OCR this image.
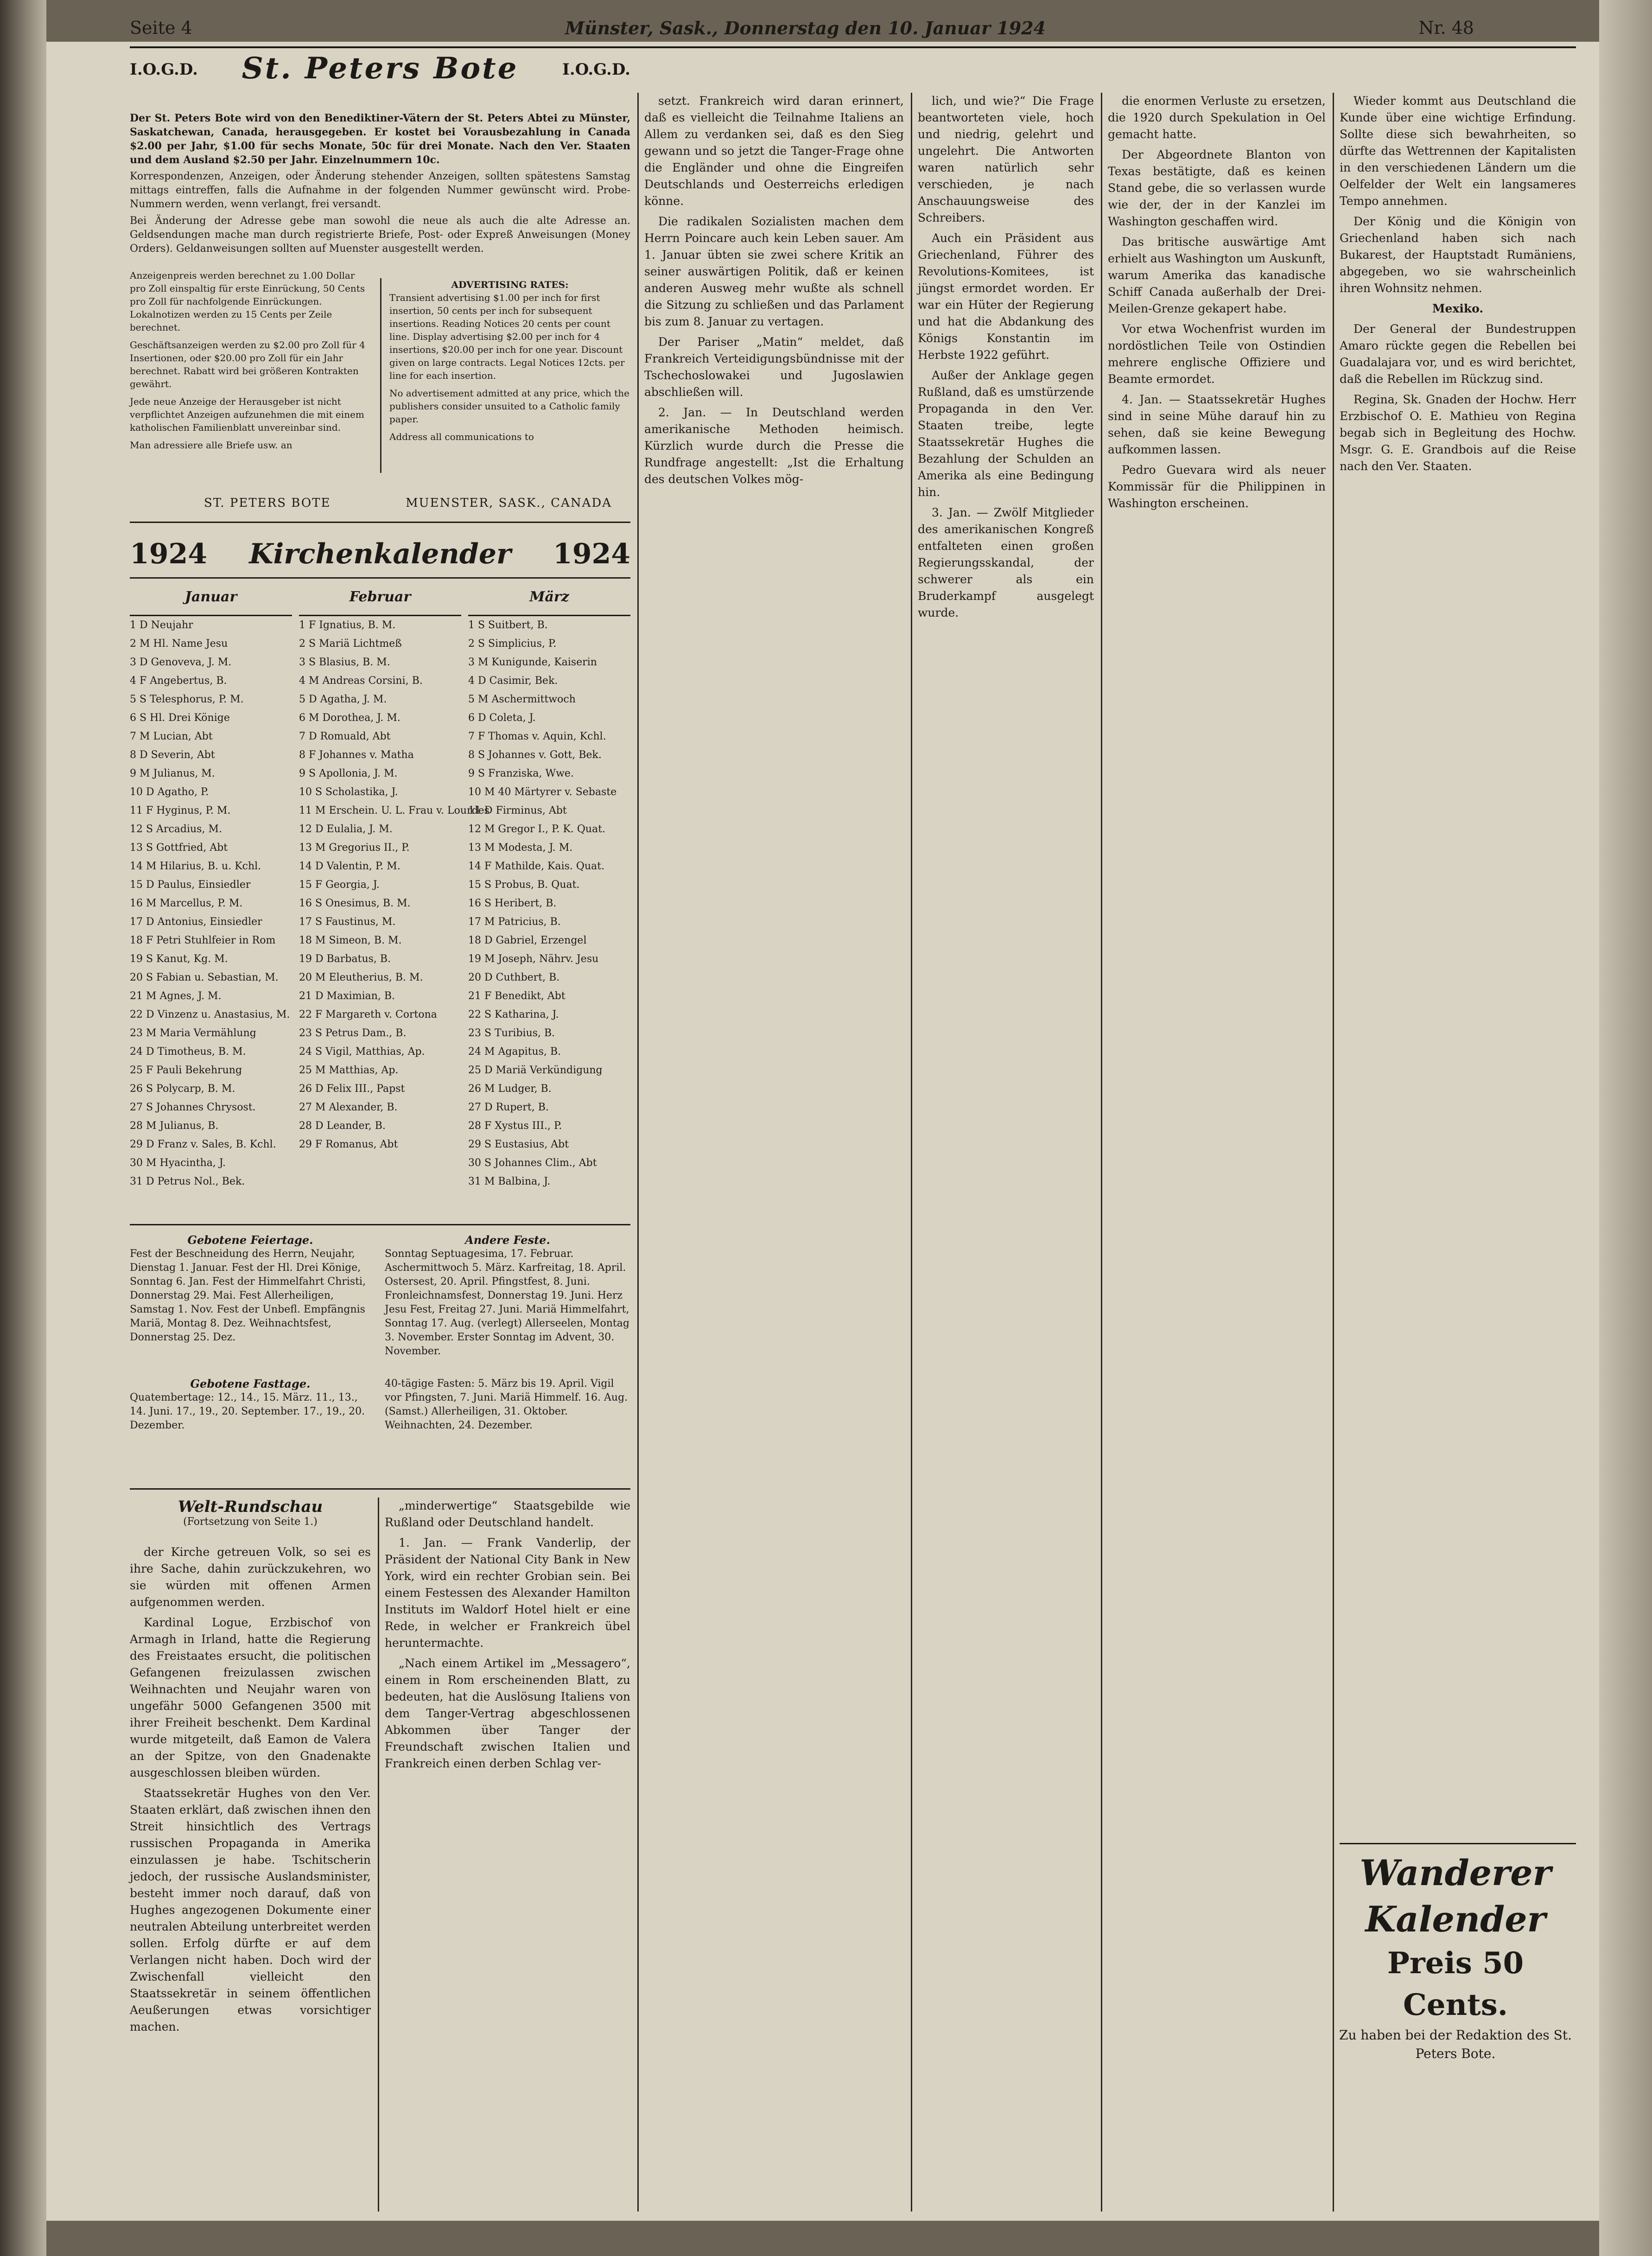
Seite 4	Münster, Sask., Donnerstag den 10. Januar 1924	Nr. 48
I.O.G.D.	St. Peters Bote	I.O.G.D.

Der St. Peters Bote wird von den Benediktiner-Vätern der St. Peters Abtei zu Münster, Saskatchewan, Canada, herausgegeben. Er kostet bei Vorausbezahlung in Canada $2.00 per Jahr, $1.00 für sechs Monate, 50c für drei Monate. Nach den Ver. Staaten und dem Ausland $2.50 per Jahr. Einzelnummern 10c.

Korrespondenzen, Anzeigen, oder Änderung stehender Anzeigen, sollten spätestens Samstag mittags eintreffen, falls die Aufnahme in der folgenden Nummer gewünscht wird. Probe-Nummern werden, wenn verlangt, frei versandt.

Bei Änderung der Adresse gebe man sowohl die neue als auch die alte Adresse an. Geldsendungen mache man durch registrierte Briefe, Post- oder Expreß Anweisungen (Money Orders). Geldanweisungen sollten auf Muenster ausgestellt werden.

Anzeigenpreis werden berechnet zu 1.00 Dollar pro Zoll einspaltig für erste Einrückung, 50 Cents pro Zoll für nachfolgende Einrückungen. Lokalnotizen werden zu 15 Cents per Zeile berechnet.

Geschäftsanzeigen werden zu $2.00 pro Zoll für 4 Insertionen, oder $20.00 pro Zoll für ein Jahr berechnet. Rabatt wird bei größeren Kontrakten gewährt.

Jede neue Anzeige der Herausgeber ist nicht verpflichtet Anzeigen aufzunehmen die mit einem katholischen Familienblatt unvereinbar sind.

Man adressiere alle Briefe usw. an

ADVERTISING RATES:

Transient advertising $1.00 per inch for first insertion, 50 cents per inch for subsequent insertions. Reading Notices 20 cents per count line. Display advertising $2.00 per inch for 4 insertions, $20.00 per inch for one year. Discount given on large contracts. Legal Notices 12cts. per line for each insertion.

No advertisement admitted at any price, which the publishers consider unsuited to a Catholic family paper.

Address all communications to

ST. PETERS BOTE	MUENSTER, SASK., CANADA
1924 Kirchenkalender 1924
Januar
1 D Neujahr
2 M Hl. Name Jesu
3 D Genoveva, J. M.
4 F Angebertus, B.
5 S Telesphorus, P. M.
6 S Hl. Drei Könige
7 M Lucian, Abt
8 D Severin, Abt
9 M Julianus, M.
10 D Agatho, P.
11 F Hyginus, P. M.
12 S Arcadius, M.
13 S Gottfried, Abt
14 M Hilarius, B. u. Kchl.
15 D Paulus, Einsiedler
16 M Marcellus, P. M.
17 D Antonius, Einsiedler
18 F Petri Stuhlfeier in Rom
19 S Kanut, Kg. M.
20 S Fabian u. Sebastian, M.
21 M Agnes, J. M.
22 D Vinzenz u. Anastasius, M.
23 M Maria Vermählung
24 D Timotheus, B. M.
25 F Pauli Bekehrung
26 S Polycarp, B. M.
27 S Johannes Chrysost.
28 M Julianus, B.
29 D Franz v. Sales, B. Kchl.
30 M Hyacintha, J.
31 D Petrus Nol., Bek.
Februar
1 F Ignatius, B. M.
2 S Mariä Lichtmeß
3 S Blasius, B. M.
4 M Andreas Corsini, B.
5 D Agatha, J. M.
6 M Dorothea, J. M.
7 D Romuald, Abt
8 F Johannes v. Matha
9 S Apollonia, J. M.
10 S Scholastika, J.
11 M Erschein. U. L. Frau v. Lourdes
12 D Eulalia, J. M.
13 M Gregorius II., P.
14 D Valentin, P. M.
15 F Georgia, J.
16 S Onesimus, B. M.
17 S Faustinus, M.
18 M Simeon, B. M.
19 D Barbatus, B.
20 M Eleutherius, B. M.
21 D Maximian, B.
22 F Margareth v. Cortona
23 S Petrus Dam., B.
24 S Vigil, Matthias, Ap.
25 M Matthias, Ap.
26 D Felix III., Papst
27 M Alexander, B.
28 D Leander, B.
29 F Romanus, Abt
März
1 S Suitbert, B.
2 S Simplicius, P.
3 M Kunigunde, Kaiserin
4 D Casimir, Bek.
5 M Aschermittwoch
6 D Coleta, J.
7 F Thomas v. Aquin, Kchl.
8 S Johannes v. Gott, Bek.
9 S Franziska, Wwe.
10 M 40 Märtyrer v. Sebaste
11 D Firminus, Abt
12 M Gregor I., P. K. Quat.
13 M Modesta, J. M.
14 F Mathilde, Kais. Quat.
15 S Probus, B. Quat.
16 S Heribert, B.
17 M Patricius, B.
18 D Gabriel, Erzengel
19 M Joseph, Nährv. Jesu
20 D Cuthbert, B.
21 F Benedikt, Abt
22 S Katharina, J.
23 S Turibius, B.
24 M Agapitus, B.
25 D Mariä Verkündigung
26 M Ludger, B.
27 D Rupert, B.
28 F Xystus III., P.
29 S Eustasius, Abt
30 S Johannes Clim., Abt
31 M Balbina, J.
Gebotene Feiertage.
Fest der Beschneidung des Herrn, Neujahr, Dienstag 1. Januar. Fest der Hl. Drei Könige, Sonntag 6. Jan. Fest der Himmelfahrt Christi, Donnerstag 29. Mai. Fest Allerheiligen, Samstag 1. Nov. Fest der Unbefl. Empfängnis Mariä, Montag 8. Dez. Weihnachtsfest, Donnerstag 25. Dez.
Andere Feste.
Sonntag Septuagesima, 17. Februar. Aschermittwoch 5. März. Karfreitag, 18. April. Ostersest, 20. April. Pfingstfest, 8. Juni. Fronleichnamsfest, Donnerstag 19. Juni. Herz Jesu Fest, Freitag 27. Juni. Mariä Himmelfahrt, Sonntag 17. Aug. (verlegt) Allerseelen, Montag 3. November. Erster Sonntag im Advent, 30. November.
Gebotene Fasttage.
Quatembertage: 12., 14., 15. März. 11., 13., 14. Juni. 17., 19., 20. September. 17., 19., 20. Dezember.
40-tägige Fasten: 5. März bis 19. April. Vigil vor Pfingsten, 7. Juni. Mariä Himmelf. 16. Aug. (Samst.) Allerheiligen, 31. Oktober. Weihnachten, 24. Dezember.
Welt-Rundschau
(Fortsetzung von Seite 1.)

der Kirche getreuen Volk, so sei es ihre Sache, dahin zurückzukehren, wo sie würden mit offenen Armen aufgenommen werden.

Kardinal Logue, Erzbischof von Armagh in Irland, hatte die Regierung des Freistaates ersucht, die politischen Gefangenen freizulassen zwischen Weihnachten und Neujahr waren von ungefähr 5000 Gefangenen 3500 mit ihrer Freiheit beschenkt. Dem Kardinal wurde mitgeteilt, daß Eamon de Valera an der Spitze, von den Gnadenakte ausgeschlossen bleiben würden.

Staatssekretär Hughes von den Ver. Staaten erklärt, daß zwischen ihnen den Streit hinsichtlich des Vertrags russischen Propaganda in Amerika einzulassen je habe. Tschitscherin jedoch, der russische Auslandsminister, besteht immer noch darauf, daß von Hughes angezogenen Dokumente einer neutralen Abteilung unterbreitet werden sollen. Erfolg dürfte er auf dem Verlangen nicht haben. Doch wird der Zwischenfall vielleicht den Staatssekretär in seinem öffentlichen Aeußerungen etwas vorsichtiger machen.

„minderwertige“ Staatsgebilde wie Rußland oder Deutschland handelt.

1. Jan. — Frank Vanderlip, der Präsident der National City Bank in New York, wird ein rechter Grobian sein. Bei einem Festessen des Alexander Hamilton Instituts im Waldorf Hotel hielt er eine Rede, in welcher er Frankreich übel heruntermachte.

„Nach einem Artikel im „Messagero“, einem in Rom erscheinenden Blatt, zu bedeuten, hat die Auslösung Italiens von dem Tanger-Vertrag abgeschlossenen Abkommen über Tanger der Freundschaft zwischen Italien und Frankreich einen derben Schlag ver-

setzt. Frankreich wird daran erinnert, daß es vielleicht die Teilnahme Italiens an Allem zu verdanken sei, daß es den Sieg gewann und so jetzt die Tanger-Frage ohne die Engländer und ohne die Eingreifen Deutschlands und Oesterreichs erledigen könne.

Die radikalen Sozialisten machen dem Herrn Poincare auch kein Leben sauer. Am 1. Januar übten sie zwei schere Kritik an seiner auswärtigen Politik, daß er keinen anderen Ausweg mehr wußte als schnell die Sitzung zu schließen und das Parlament bis zum 8. Januar zu vertagen.

Der Pariser „Matin“ meldet, daß Frankreich Verteidigungsbündnisse mit der Tschechoslowakei und Jugoslawien abschließen will.

2. Jan. — In Deutschland werden amerikanische Methoden heimisch. Kürzlich wurde durch die Presse die Rundfrage angestellt: „Ist die Erhaltung des deutschen Volkes mög-

lich, und wie?“ Die Frage beantworteten viele, hoch und niedrig, gelehrt und ungelehrt. Die Antworten waren natürlich sehr verschieden, je nach Anschauungsweise des Schreibers.

Auch ein Präsident aus Griechenland, Führer des Revolutions-Komitees, ist jüngst ermordet worden. Er war ein Hüter der Regierung und hat die Abdankung des Königs Konstantin im Herbste 1922 geführt.

Außer der Anklage gegen Rußland, daß es umstürzende Propaganda in den Ver. Staaten treibe, legte Staatssekretär Hughes die Bezahlung der Schulden an Amerika als eine Bedingung hin.

3. Jan. — Zwölf Mitglieder des amerikanischen Kongreß entfalteten einen großen Regierungsskandal, der schwerer als ein Bruderkampf ausgelegt wurde.

die enormen Verluste zu ersetzen, die 1920 durch Spekulation in Oel gemacht hatte.

Der Abgeordnete Blanton von Texas bestätigte, daß es keinen Stand gebe, die so verlassen wurde wie der, der in der Kanzlei im Washington geschaffen wird.

Das britische auswärtige Amt erhielt aus Washington um Auskunft, warum Amerika das kanadische Schiff Canada außerhalb der Drei-Meilen-Grenze gekapert habe.

Vor etwa Wochenfrist wurden im nordöstlichen Teile von Ostindien mehrere englische Offiziere und Beamte ermordet.

4. Jan. — Staatssekretär Hughes sind in seine Mühe darauf hin zu sehen, daß sie keine Bewegung aufkommen lassen.

Pedro Guevara wird als neuer Kommissär für die Philippinen in Washington erscheinen.

Wieder kommt aus Deutschland die Kunde über eine wichtige Erfindung. Sollte diese sich bewahrheiten, so dürfte das Wettrennen der Kapitalisten in den verschiedenen Ländern um die Oelfelder der Welt ein langsameres Tempo annehmen.

Der König und die Königin von Griechenland haben sich nach Bukarest, der Hauptstadt Rumäniens, abgegeben, wo sie wahrscheinlich ihren Wohnsitz nehmen.

Mexiko.

Der General der Bundestruppen Amaro rückte gegen die Rebellen bei Guadalajara vor, und es wird berichtet, daß die Rebellen im Rückzug sind.

Regina, Sk. Gnaden der Hochw. Herr Erzbischof O. E. Mathieu von Regina begab sich in Begleitung des Hochw. Msgr. G. E. Grandbois auf die Reise nach den Ver. Staaten.

Wanderer
Kalender
Preis 50 Cents.
Zu haben bei der Redaktion des St. Peters Bote.
